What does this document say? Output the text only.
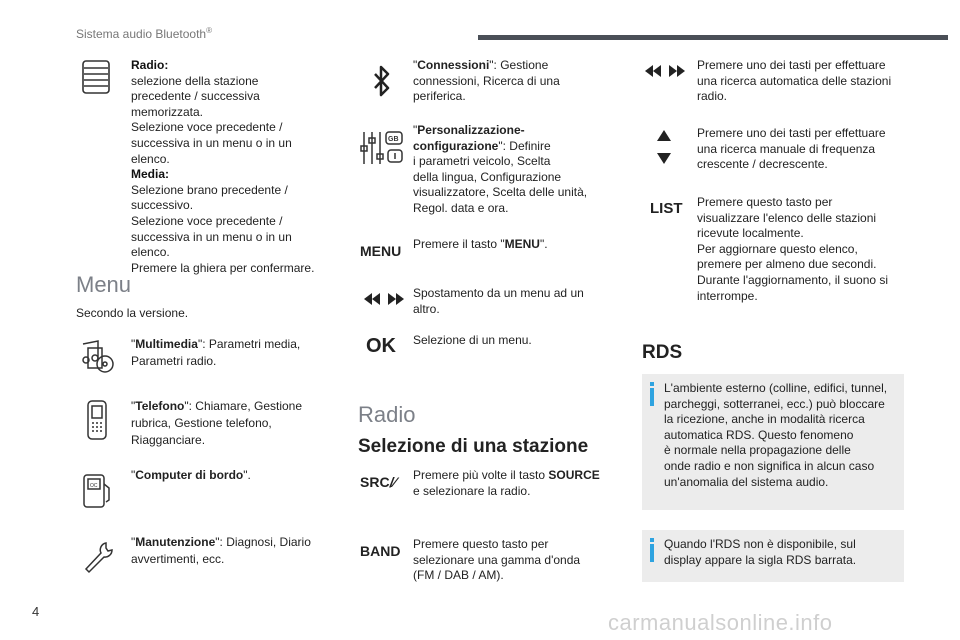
Sistema audio Bluetooth®
Radio:
selezione della stazione
precedente / successiva
memorizzata.
Selezione voce precedente /
successiva in un menu o in un
elenco.
Media:
Selezione brano precedente /
successivo.
Selezione voce precedente /
successiva in un menu o in un
elenco.
Premere la ghiera per confermare.
Menu
Secondo la versione.
"Multimedia": Parametri media,
Parametri radio.
"Telefono": Chiamare, Gestione
rubrica, Gestione telefono,
Riagganciare.
OC
"Computer di bordo".
"Manutenzione": Diagnosi, Diario
avvertimenti, ecc.
"Connessioni": Gestione
connessioni, Ricerca di una
periferica.
GB
"Personalizzazione-
configurazione": Definire
i parametri veicolo, Scelta
della lingua, Configurazione
visualizzatore, Scelta delle unità,
Regol. data e ora.
MENU Premere il tasto "MENU".
Spostamento da un menu ad un
altro.
OK Selezione di un menu.
Radio
Selezione di una stazione
SRC/⁄ Premere più volte il tasto SOURCE
e selezionare la radio.
BAND Premere questo tasto per
selezionare una gamma d'onda
(FM / DAB / AM).
Premere uno dei tasti per effettuare
una ricerca automatica delle stazioni
radio.
Premere uno dei tasti per effettuare
una ricerca manuale di frequenza
crescente / decrescente.
LIST Premere questo tasto per
visualizzare l'elenco delle stazioni
ricevute localmente.
Per aggiornare questo elenco,
premere per almeno due secondi.
Durante l'aggiornamento, il suono si
interrompe.
RDS
L'ambiente esterno (colline, edifici, tunnel,
parcheggi, sotterranei, ecc.) può bloccare
la ricezione, anche in modalità ricerca
automatica RDS. Questo fenomeno
è normale nella propagazione delle
onde radio e non significa in alcun caso
un'anomalia del sistema audio.
Quando l'RDS non è disponibile, sul
display appare la sigla RDS barrata.
4	carmanualsonline.info
